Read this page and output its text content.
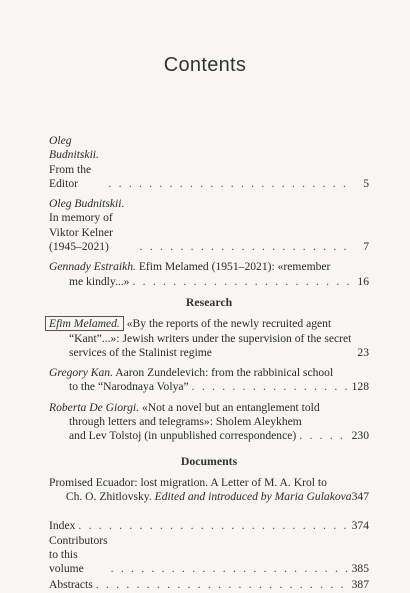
Contents
Oleg Budnitskii. From the Editor . . .	5
Oleg Budnitskii. In memory of Viktor Kelner (1945–2021) . . .	7
Gennady Estraikh. Efim Melamed (1951–2021): «remember
me kindly...» . . .	16
Research
Efim Melamed. «By the reports of the newly recruited agent
“Kant”...»: Jewish writers under the supervision of the secret
services of the Stalinist regime	23
Gregory Kan. Aaron Zundelevich: from the rabbinical school
to the “Narodnaya Volya” . . .	128
Roberta De Giorgi. «Not a novel but an entanglement told
through letters and telegrams»: Sholem Aleykhem
and Lev Tolstoj (in unpublished correspondence) . . .	230
Documents
Promised Ecuador: lost migration. A Letter of M. A. Krol to
Ch. O. Zhitlovsky. Edited and introduced by Maria Gulakova 347
Index . . .	374
Contributors to this volume . . .	385
Abstracts . . .	387
